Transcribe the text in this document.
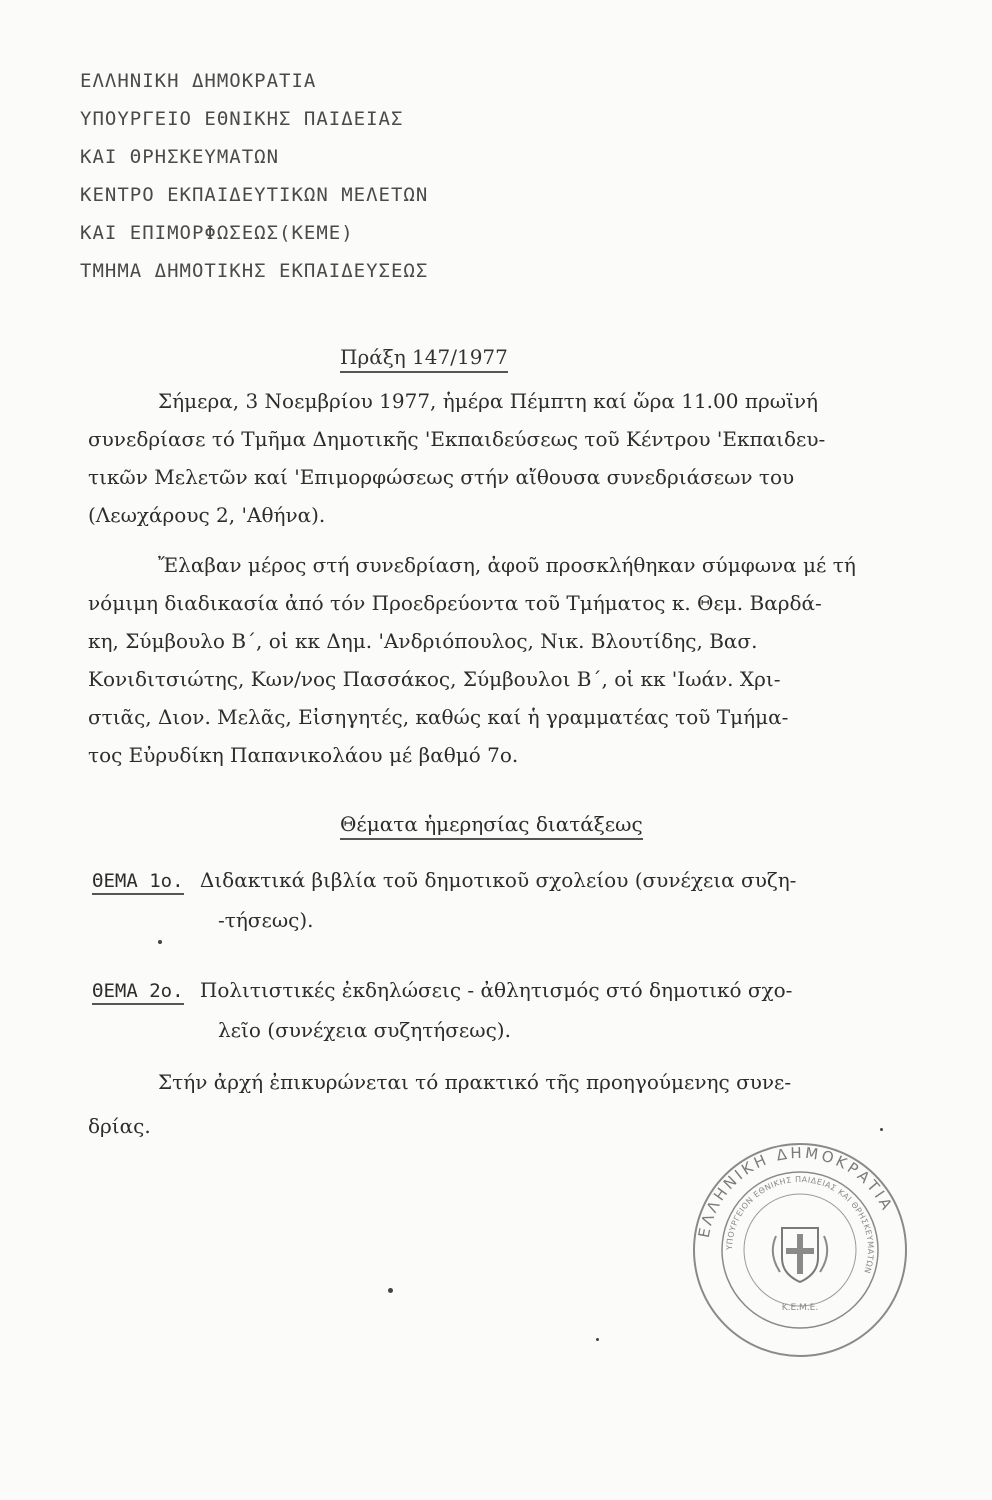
ΕΛΛΗΝΙΚΗ ΔΗΜΟΚΡΑΤΙΑ
ΥΠΟΥΡΓΕΙΟ ΕΘΝΙΚΗΣ ΠΑΙΔΕΙΑΣ
ΚΑΙ ΘΡΗΣΚΕΥΜΑΤΩΝ
ΚΕΝΤΡΟ ΕΚΠΑΙΔΕΥΤΙΚΩΝ ΜΕΛΕΤΩΝ
ΚΑΙ ΕΠΙΜΟΡΦΩΣΕΩΣ(ΚΕΜΕ)
ΤΜΗΜΑ ΔΗΜΟΤΙΚΗΣ ΕΚΠΑΙΔΕΥΣΕΩΣ
Πράξη 147/1977
Σήμερα, 3 Νοεμβρίου 1977, ἡμέρα Πέμπτη καί ὥρα 11.00 πρωϊνή
συνεδρίασε τό Τμῆμα Δημοτικῆς 'Εκπαιδεύσεως τοῦ Κέντρου 'Εκπαιδευ-
τικῶν Μελετῶν καί 'Επιμορφώσεως στήν αἴθουσα συνεδριάσεων του
(Λεωχάρους 2, 'Αθήνα).
Ἔλαβαν μέρος στή συνεδρίαση, ἀφοῦ προσκλήθηκαν σύμφωνα μέ τή
νόμιμη διαδικασία ἀπό τόν Προεδρεύοντα τοῦ Τμήματος κ. Θεμ. Βαρδά-
κη, Σύμβουλο Β΄, οἱ κκ Δημ. 'Ανδριόπουλος, Νικ. Βλουτίδης, Βασ.
Κονιδιτσιώτης, Κων/νος Πασσάκος, Σύμβουλοι Β΄, οἱ κκ 'Ιωάν. Χρι-
στιᾶς, Διον. Μελᾶς, Εἰσηγητές, καθώς καί ἡ γραμματέας τοῦ Τμήμα-
τος Εὐρυδίκη Παπανικολάου μέ βαθμό 7ο.
Θέματα ἡμερησίας διατάξεως
ΘΕΜΑ 1ο. Διδακτικά βιβλία τοῦ δημοτικοῦ σχολείου (συνέχεια συζη-
-τήσεως).
ΘΕΜΑ 2ο. Πολιτιστικές ἐκδηλώσεις - ἀθλητισμός στό δημοτικό σχο-
λεῖο (συνέχεια συζητήσεως).
Στήν ἀρχή ἐπικυρώνεται τό πρακτικό τῆς προηγούμενης συνε-
δρίας.
ΕΛΛΗΝΙΚΗ ΔΗΜΟΚΡΑΤΙΑ
ΥΠΟΥΡΓΕΙΟΝ ΕΘΝΙΚΗΣ ΠΑΙΔΕΙΑΣ ΚΑΙ ΘΡΗΣΚΕΥΜΑΤΩΝ
Κ.Ε.Μ.Ε.
